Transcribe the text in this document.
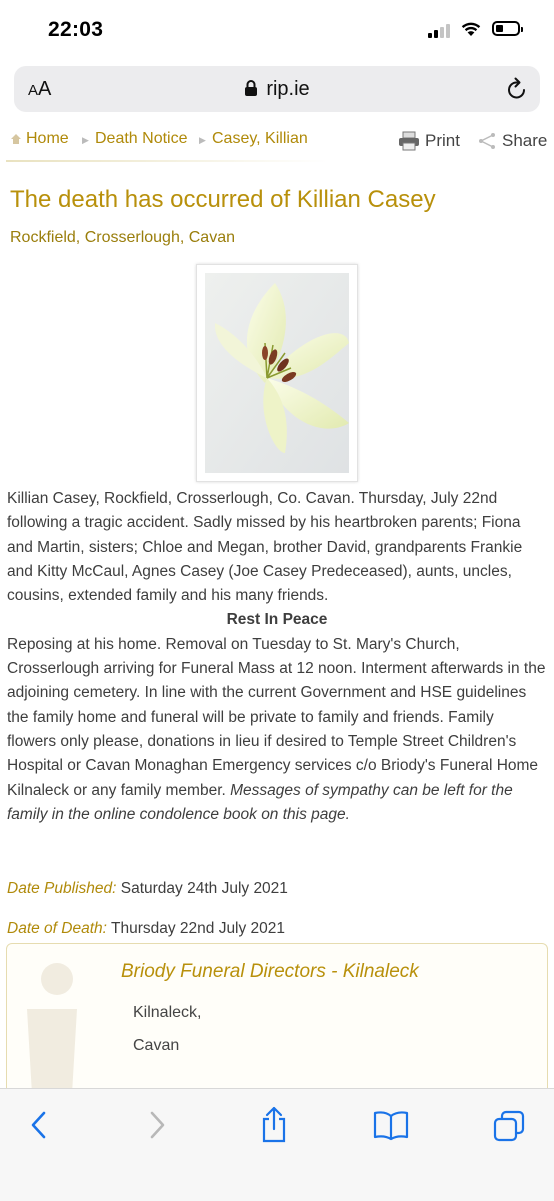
22:03
AA	rip.ie
Home ▶ Death Notice ▶ Casey, Killian	Print Share
The death has occurred of Killian Casey
Rockfield, Crosserlough, Cavan

Killian Casey, Rockfield, Crosserlough, Co. Cavan. Thursday, July 22nd following a tragic accident. Sadly missed by his heartbroken parents; Fiona and Martin, sisters; Chloe and Megan, brother David, grandparents Frankie and Kitty McCaul, Agnes Casey (Joe Casey Predeceased), aunts, uncles, cousins, extended family and his many friends.

Rest In Peace

Reposing at his home. Removal on Tuesday to St. Mary's Church, Crosserlough arriving for Funeral Mass at 12 noon. Interment afterwards in the adjoining cemetery. In line with the current Government and HSE guidelines the family home and funeral will be private to family and friends. Family flowers only please, donations in lieu if desired to Temple Street Children's Hospital or Cavan Monaghan Emergency services c/o Briody's Funeral Home Kilnaleck or any family member. Messages of sympathy can be left for the family in the online condolence book on this page.

Date Published: Saturday 24th July 2021
Date of Death: Thursday 22nd July 2021
Briody Funeral Directors - Kilnaleck
Kilnaleck,
Cavan
